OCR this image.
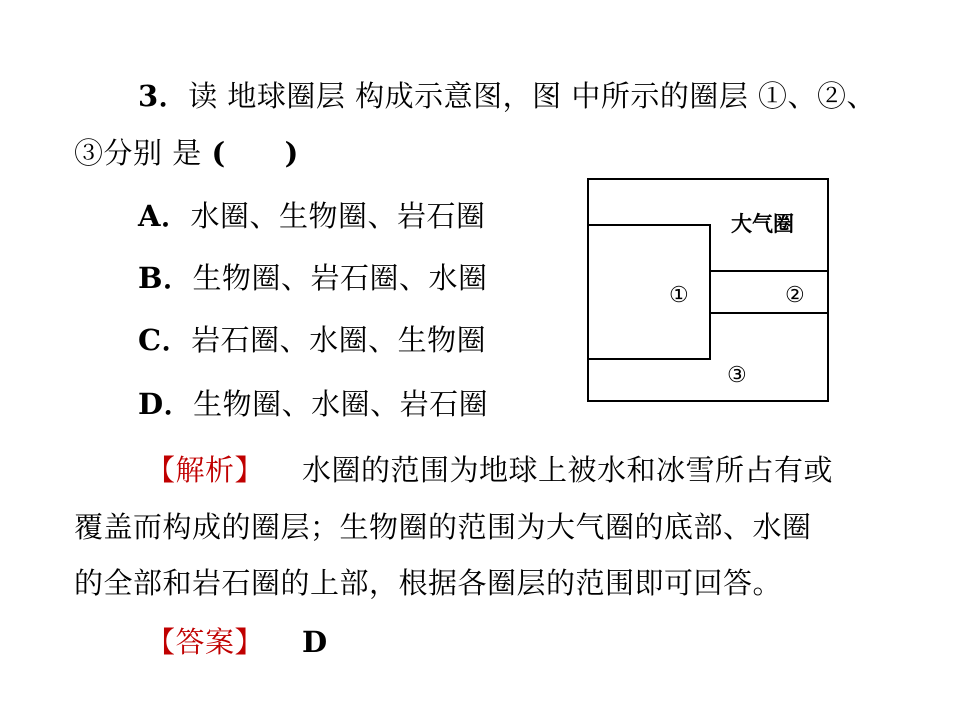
3．读 地球圈层 构成示意图，图 中所示的圈层 ①、②、
③分别 是 (　　)
A．水圈、生物圈、岩石圈
B．生物圈、岩石圈、水圈
C．岩石圈、水圈、生物圈
D．生物圈、水圈、岩石圈
大气圈
①	②
③
【解析】 水圈的范围为地球上被水和冰雪所占有或
覆盖而构成的圈层；生物圈的范围为大气圈的底部、水圈
的全部和岩石圈的上部，根据各圈层的范围即可回答。
【答案】 D
